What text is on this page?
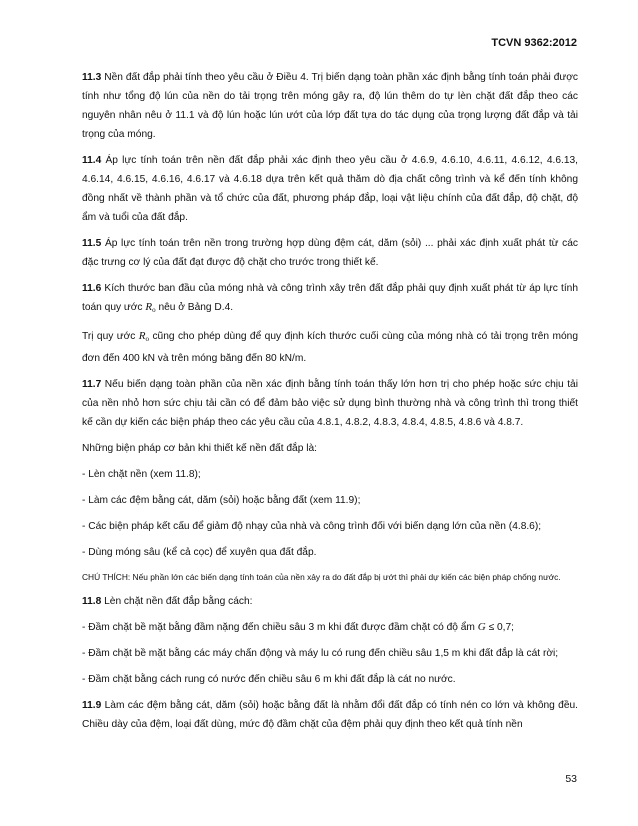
TCVN 9362:2012

11.3 Nền đất đắp phải tính theo yêu cầu ở Điều 4. Trị biến dạng toàn phần xác định bằng tính toán phải được tính như tổng độ lún của nền do tải trọng trên móng gây ra, độ lún thêm do tự lèn chặt đất đắp theo các nguyên nhân nêu ở 11.1 và độ lún hoặc lún ướt của lớp đất tựa do tác dụng của trọng lượng đất đắp và tải trọng của móng.

11.4 Áp lực tính toán trên nền đất đắp phải xác định theo yêu cầu ở 4.6.9, 4.6.10, 4.6.11, 4.6.12, 4.6.13, 4.6.14, 4.6.15, 4.6.16, 4.6.17 và 4.6.18 dựa trên kết quả thăm dò địa chất công trình và kể đến tính không đồng nhất về thành phần và tổ chức của đất, phương pháp đắp, loại vật liệu chính của đất đắp, độ chặt, độ ẩm và tuổi của đất đắp.

11.5 Áp lực tính toán trên nền trong trường hợp dùng đệm cát, dăm (sỏi) ... phải xác định xuất phát từ các đặc trưng cơ lý của đất đạt được độ chặt cho trước trong thiết kế.

11.6 Kích thước ban đầu của móng nhà và công trình xây trên đất đắp phải quy định xuất phát từ áp lực tính toán quy ước $R_o$ nêu ở Bảng D.4.

Trị quy ước $R_o$ cũng cho phép dùng để quy định kích thước cuối cùng của móng nhà có tải trọng trên móng đơn đến 400 kN và trên móng băng đến 80 kN/m.

11.7 Nếu biến dạng toàn phần của nền xác định bằng tính toán thấy lớn hơn trị cho phép hoặc sức chịu tải của nền nhỏ hơn sức chịu tải cần có để đảm bảo việc sử dụng bình thường nhà và công trình thì trong thiết kế cần dự kiến các biện pháp theo các yêu cầu của 4.8.1, 4.8.2, 4.8.3, 4.8.4, 4.8.5, 4.8.6 và 4.8.7.

Những biện pháp cơ bản khi thiết kế nền đất đắp là:

- Lèn chặt nền (xem 11.8);

- Làm các đệm bằng cát, dăm (sỏi) hoặc bằng đất (xem 11.9);

- Các biện pháp kết cấu để giảm độ nhạy của nhà và công trình đối với biến dạng lớn của nền (4.8.6);

- Dùng móng sâu (kể cả cọc) để xuyên qua đất đắp.

CHÚ THÍCH: Nếu phần lớn các biến dạng tính toán của nền xảy ra do đất đắp bị ướt thì phải dự kiến các biện pháp chống nước.

11.8 Lèn chặt nền đất đắp bằng cách:

- Đầm chặt bề mặt bằng đầm nặng đến chiều sâu 3 m khi đất được đầm chặt có độ ẩm G ≤ 0,7;

- Đầm chặt bề mặt bằng các máy chấn động và máy lu có rung đến chiều sâu 1,5 m khi đất đắp là cát rời;

- Đầm chặt bằng cách rung có nước đến chiều sâu 6 m khi đất đắp là cát no nước.

11.9 Làm các đệm bằng cát, dăm (sỏi) hoặc bằng đất là nhằm đổi đất đắp có tính nén co lớn và không đều. Chiều dày của đệm, loại đất dùng, mức độ đầm chặt của đệm phải quy định theo kết quả tính nền

53
